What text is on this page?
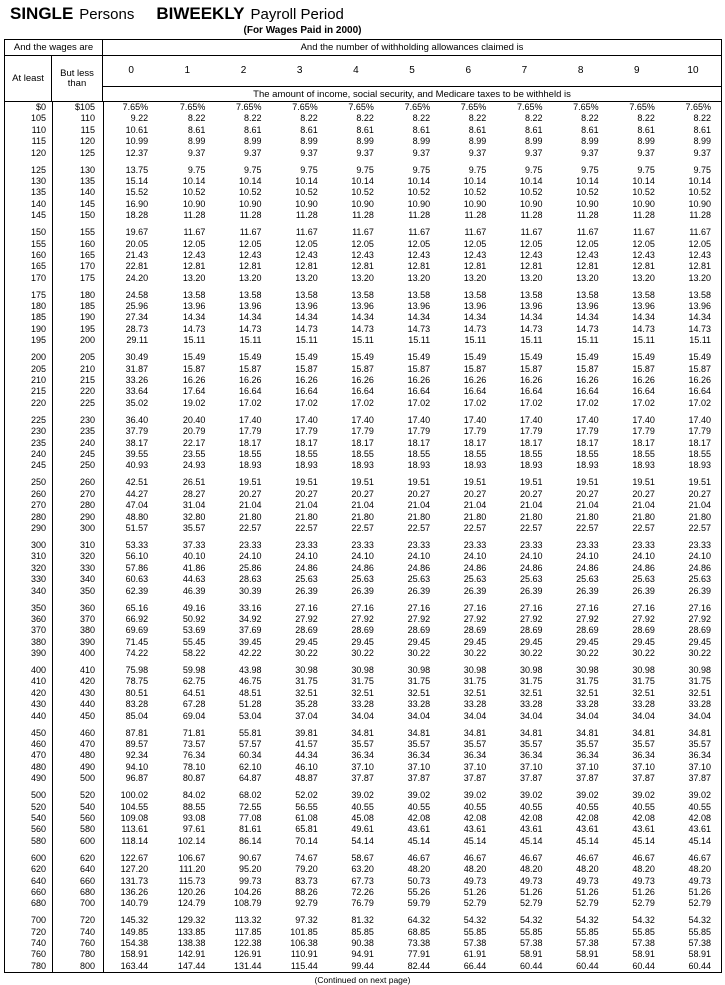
SINGLE Persons BIWEEKLY Payroll Period
(For Wages Paid in 2000)
And the wages are		And the number of withholding allowances claimed is
At least	But less
than

0	1	2	3	4	5	6	7	8	9	10

		The amount of income, social security, and Medicare taxes to be withheld is

$0	$105	7.65%	7.65%	7.65%	7.65%	7.65%	7.65%	7.65%	7.65%	7.65%	7.65%	7.65%
105	110	9.22	8.22	8.22	8.22	8.22	8.22	8.22	8.22	8.22	8.22	8.22
110	115	10.61	8.61	8.61	8.61	8.61	8.61	8.61	8.61	8.61	8.61	8.61
115	120	10.99	8.99	8.99	8.99	8.99	8.99	8.99	8.99	8.99	8.99	8.99
120	125	12.37	9.37	9.37	9.37	9.37	9.37	9.37	9.37	9.37	9.37	9.37
125	130	13.75	9.75	9.75	9.75	9.75	9.75	9.75	9.75	9.75	9.75	9.75
130	135	15.14	10.14	10.14	10.14	10.14	10.14	10.14	10.14	10.14	10.14	10.14
135	140	15.52	10.52	10.52	10.52	10.52	10.52	10.52	10.52	10.52	10.52	10.52
140	145	16.90	10.90	10.90	10.90	10.90	10.90	10.90	10.90	10.90	10.90	10.90
145	150	18.28	11.28	11.28	11.28	11.28	11.28	11.28	11.28	11.28	11.28	11.28
150	155	19.67	11.67	11.67	11.67	11.67	11.67	11.67	11.67	11.67	11.67	11.67
155	160	20.05	12.05	12.05	12.05	12.05	12.05	12.05	12.05	12.05	12.05	12.05
160	165	21.43	12.43	12.43	12.43	12.43	12.43	12.43	12.43	12.43	12.43	12.43
165	170	22.81	12.81	12.81	12.81	12.81	12.81	12.81	12.81	12.81	12.81	12.81
170	175	24.20	13.20	13.20	13.20	13.20	13.20	13.20	13.20	13.20	13.20	13.20
175	180	24.58	13.58	13.58	13.58	13.58	13.58	13.58	13.58	13.58	13.58	13.58
180	185	25.96	13.96	13.96	13.96	13.96	13.96	13.96	13.96	13.96	13.96	13.96
185	190	27.34	14.34	14.34	14.34	14.34	14.34	14.34	14.34	14.34	14.34	14.34
190	195	28.73	14.73	14.73	14.73	14.73	14.73	14.73	14.73	14.73	14.73	14.73
195	200	29.11	15.11	15.11	15.11	15.11	15.11	15.11	15.11	15.11	15.11	15.11
200	205	30.49	15.49	15.49	15.49	15.49	15.49	15.49	15.49	15.49	15.49	15.49
205	210	31.87	15.87	15.87	15.87	15.87	15.87	15.87	15.87	15.87	15.87	15.87
210	215	33.26	16.26	16.26	16.26	16.26	16.26	16.26	16.26	16.26	16.26	16.26
215	220	33.64	17.64	16.64	16.64	16.64	16.64	16.64	16.64	16.64	16.64	16.64
220	225	35.02	19.02	17.02	17.02	17.02	17.02	17.02	17.02	17.02	17.02	17.02
225	230	36.40	20.40	17.40	17.40	17.40	17.40	17.40	17.40	17.40	17.40	17.40
230	235	37.79	20.79	17.79	17.79	17.79	17.79	17.79	17.79	17.79	17.79	17.79
235	240	38.17	22.17	18.17	18.17	18.17	18.17	18.17	18.17	18.17	18.17	18.17
240	245	39.55	23.55	18.55	18.55	18.55	18.55	18.55	18.55	18.55	18.55	18.55
245	250	40.93	24.93	18.93	18.93	18.93	18.93	18.93	18.93	18.93	18.93	18.93
250	260	42.51	26.51	19.51	19.51	19.51	19.51	19.51	19.51	19.51	19.51	19.51
260	270	44.27	28.27	20.27	20.27	20.27	20.27	20.27	20.27	20.27	20.27	20.27
270	280	47.04	31.04	21.04	21.04	21.04	21.04	21.04	21.04	21.04	21.04	21.04
280	290	48.80	32.80	21.80	21.80	21.80	21.80	21.80	21.80	21.80	21.80	21.80
290	300	51.57	35.57	22.57	22.57	22.57	22.57	22.57	22.57	22.57	22.57	22.57
300	310	53.33	37.33	23.33	23.33	23.33	23.33	23.33	23.33	23.33	23.33	23.33
310	320	56.10	40.10	24.10	24.10	24.10	24.10	24.10	24.10	24.10	24.10	24.10
320	330	57.86	41.86	25.86	24.86	24.86	24.86	24.86	24.86	24.86	24.86	24.86
330	340	60.63	44.63	28.63	25.63	25.63	25.63	25.63	25.63	25.63	25.63	25.63
340	350	62.39	46.39	30.39	26.39	26.39	26.39	26.39	26.39	26.39	26.39	26.39
350	360	65.16	49.16	33.16	27.16	27.16	27.16	27.16	27.16	27.16	27.16	27.16
360	370	66.92	50.92	34.92	27.92	27.92	27.92	27.92	27.92	27.92	27.92	27.92
370	380	69.69	53.69	37.69	28.69	28.69	28.69	28.69	28.69	28.69	28.69	28.69
380	390	71.45	55.45	39.45	29.45	29.45	29.45	29.45	29.45	29.45	29.45	29.45
390	400	74.22	58.22	42.22	30.22	30.22	30.22	30.22	30.22	30.22	30.22	30.22
400	410	75.98	59.98	43.98	30.98	30.98	30.98	30.98	30.98	30.98	30.98	30.98
410	420	78.75	62.75	46.75	31.75	31.75	31.75	31.75	31.75	31.75	31.75	31.75
420	430	80.51	64.51	48.51	32.51	32.51	32.51	32.51	32.51	32.51	32.51	32.51
430	440	83.28	67.28	51.28	35.28	33.28	33.28	33.28	33.28	33.28	33.28	33.28
440	450	85.04	69.04	53.04	37.04	34.04	34.04	34.04	34.04	34.04	34.04	34.04
450	460	87.81	71.81	55.81	39.81	34.81	34.81	34.81	34.81	34.81	34.81	34.81
460	470	89.57	73.57	57.57	41.57	35.57	35.57	35.57	35.57	35.57	35.57	35.57
470	480	92.34	76.34	60.34	44.34	36.34	36.34	36.34	36.34	36.34	36.34	36.34
480	490	94.10	78.10	62.10	46.10	37.10	37.10	37.10	37.10	37.10	37.10	37.10
490	500	96.87	80.87	64.87	48.87	37.87	37.87	37.87	37.87	37.87	37.87	37.87
500	520	100.02	84.02	68.02	52.02	39.02	39.02	39.02	39.02	39.02	39.02	39.02
520	540	104.55	88.55	72.55	56.55	40.55	40.55	40.55	40.55	40.55	40.55	40.55
540	560	109.08	93.08	77.08	61.08	45.08	42.08	42.08	42.08	42.08	42.08	42.08
560	580	113.61	97.61	81.61	65.81	49.61	43.61	43.61	43.61	43.61	43.61	43.61
580	600	118.14	102.14	86.14	70.14	54.14	45.14	45.14	45.14	45.14	45.14	45.14
600	620	122.67	106.67	90.67	74.67	58.67	46.67	46.67	46.67	46.67	46.67	46.67
620	640	127.20	111.20	95.20	79.20	63.20	48.20	48.20	48.20	48.20	48.20	48.20
640	660	131.73	115.73	99.73	83.73	67.73	50.73	49.73	49.73	49.73	49.73	49.73
660	680	136.26	120.26	104.26	88.26	72.26	55.26	51.26	51.26	51.26	51.26	51.26
680	700	140.79	124.79	108.79	92.79	76.79	59.79	52.79	52.79	52.79	52.79	52.79
700	720	145.32	129.32	113.32	97.32	81.32	64.32	54.32	54.32	54.32	54.32	54.32
720	740	149.85	133.85	117.85	101.85	85.85	68.85	55.85	55.85	55.85	55.85	55.85
740	760	154.38	138.38	122.38	106.38	90.38	73.38	57.38	57.38	57.38	57.38	57.38
760	780	158.91	142.91	126.91	110.91	94.91	77.91	61.91	58.91	58.91	58.91	58.91
780	800	163.44	147.44	131.44	115.44	99.44	82.44	66.44	60.44	60.44	60.44	60.44
(Continued on next page)
